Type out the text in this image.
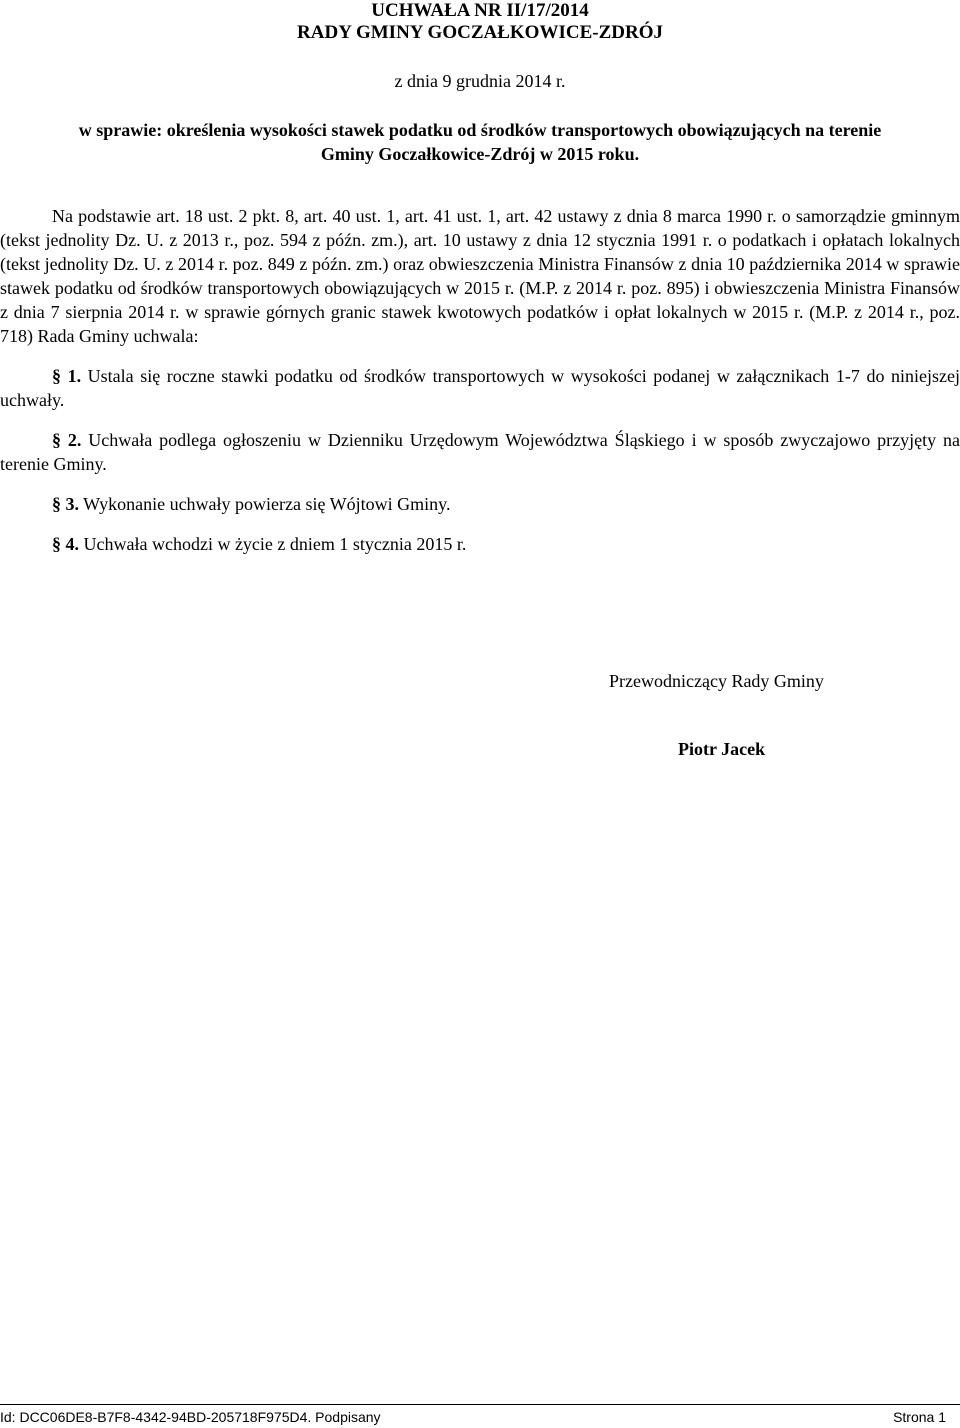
UCHWAŁA NR II/17/2014
RADY GMINY GOCZAŁKOWICE-ZDRÓJ
z dnia 9 grudnia 2014 r.
w sprawie: określenia wysokości stawek podatku od środków transportowych obowiązujących na terenie
Gminy Goczałkowice-Zdrój w 2015 roku.

Na podstawie art. 18 ust. 2 pkt. 8, art. 40 ust. 1, art. 41 ust. 1, art. 42 ustawy z dnia 8 marca 1990 r. o samorządzie gminnym (tekst jednolity Dz. U. z 2013 r., poz. 594 z późn. zm.), art. 10 ustawy z dnia 12 stycznia 1991 r. o podatkach i opłatach lokalnych (tekst jednolity Dz. U. z 2014 r. poz. 849 z późn. zm.) oraz obwieszczenia Ministra Finansów z dnia 10 października 2014 w sprawie stawek podatku od środków transportowych obowiązujących w 2015 r. (M.P. z 2014 r. poz. 895) i obwieszczenia Ministra Finansów z dnia 7 sierpnia 2014 r. w sprawie górnych granic stawek kwotowych podatków i opłat lokalnych w 2015 r. (M.P. z 2014 r., poz. 718) Rada Gminy uchwala:

§ 1. Ustala się roczne stawki podatku od środków transportowych w wysokości podanej w załącznikach 1-7 do niniejszej uchwały.

§ 2. Uchwała podlega ogłoszeniu w Dzienniku Urzędowym Województwa Śląskiego i w sposób zwyczajowo przyjęty na terenie Gminy.

§ 3. Wykonanie uchwały powierza się Wójtowi Gminy.

§ 4. Uchwała wchodzi w życie z dniem 1 stycznia 2015 r.

Przewodniczący Rady Gminy
Piotr Jacek
Id: DCC06DE8-B7F8-4342-94BD-205718F975D4. Podpisany	Strona 1
